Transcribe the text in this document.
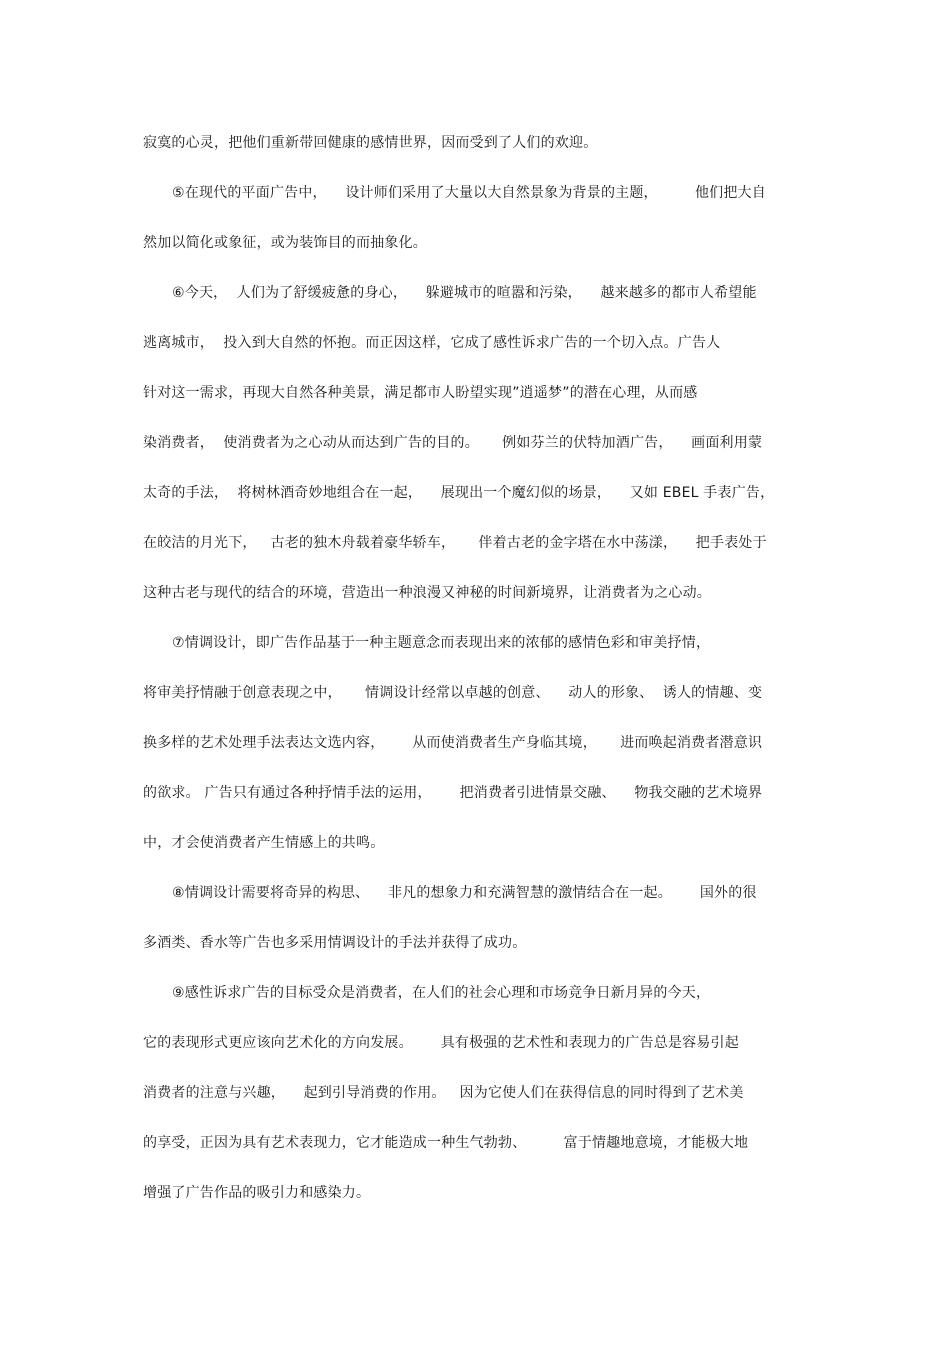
寂寞的心灵，把他们重新带回健康的感情世界，因而受到了人们的欢迎。
⑤在现代的平面广告中，    设计师们采用了大量以大自然景象为背景的主题，        他们把大自
然加以简化或象征，或为装饰目的而抽象化。
⑥今天，  人们为了舒缓疲惫的身心，    躲避城市的喧嚣和污染，    越来越多的都市人希望能
逃离城市，  投入到大自然的怀抱。而正因这样，它成了感性诉求广告的一个切入点。广告人
针对这一需求，再现大自然各种美景，满足都市人盼望实现”逍遥梦”的潜在心理，从而感
染消费者，  使消费者为之心动从而达到广告的目的。     例如芬兰的伏特加酒广告，    画面利用蒙
太奇的手法，  将树林酒奇妙地组合在一起，    展现出一个魔幻似的场景，    又如 EBEL 手表广告，
在皎洁的月光下，   古老的独木舟载着豪华轿车，     伴着古老的金字塔在水中荡漾，    把手表处于
这种古老与现代的结合的环境，营造出一种浪漫又神秘的时间新境界，让消费者为之心动。
⑦情调设计，即广告作品基于一种主题意念而表现出来的浓郁的感情色彩和审美抒情，
将审美抒情融于创意表现之中，     情调设计经常以卓越的创意、    动人的形象、  诱人的情趣、变
换多样的艺术处理手法表达文选内容，      从而使消费者生产身临其境，     进而唤起消费者潜意识
的欲求。 广告只有通过各种抒情手法的运用，      把消费者引进情景交融、    物我交融的艺术境界
中，才会使消费者产生情感上的共鸣。
⑧情调设计需要将奇异的构思、    非凡的想象力和充满智慧的激情结合在一起。      国外的很
多酒类、香水等广告也多采用情调设计的手法并获得了成功。
⑨感性诉求广告的目标受众是消费者，在人们的社会心理和市场竞争日新月异的今天，
它的表现形式更应该向艺术化的方向发展。      具有极强的艺术性和表现力的广告总是容易引起
消费者的注意与兴趣，    起到引导消费的作用。   因为它使人们在获得信息的同时得到了艺术美
的享受，正因为具有艺术表现力，它才能造成一种生气勃勃、        富于情趣地意境，才能极大地
增强了广告作品的吸引力和感染力。
